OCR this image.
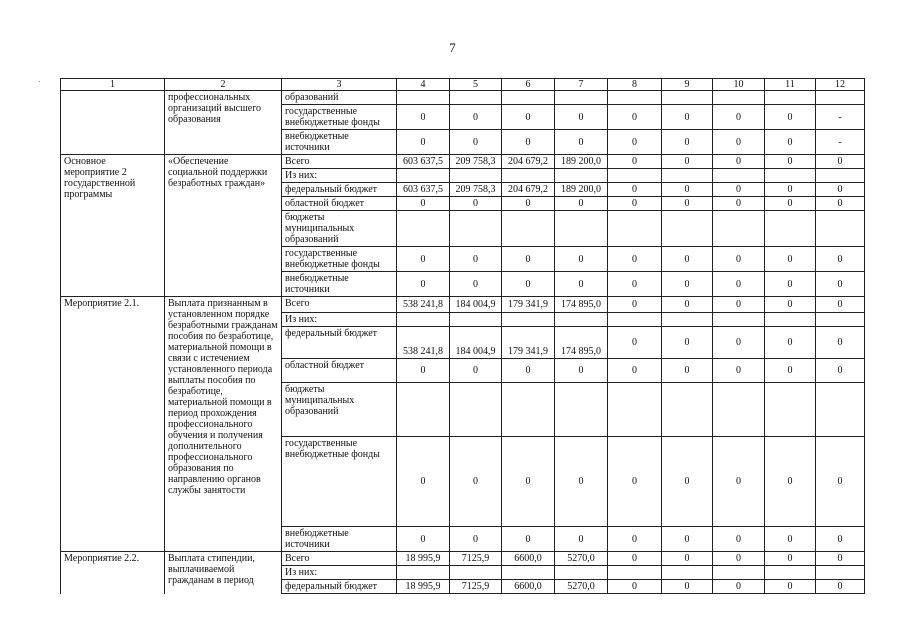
7
·	1	2	3	4	5	6	7	8	9	10	11	12
	профессиональных организаций высшего образования	образований									
		государственные внебюджетные фонды	0	0	0	0	0	0	0	0	-
		внебюджетные источники	0	0	0	0	0	0	0	0	-
Основное мероприятие 2 государственной программы	«Обеспечение социальной поддержки безработных граждан»	Всего	603 637,5	209 758,3	204 679,2	189 200,0	0	0	0	0	0
		Из них:									
		федеральный бюджет	603 637,5	209 758,3	204 679,2	189 200,0	0	0	0	0	0
		областной бюджет	0	0	0	0	0	0	0	0	0
		бюджеты муниципальных образований									
		государственные внебюджетные фонды	0	0	0	0	0	0	0	0	0
		внебюджетные источники	0	0	0	0	0	0	0	0	0
Мероприятие 2.1.	Выплата признанным в установленном порядке безработными гражданам пособия по безработице, материальной помощи в связи с истечением установленного периода выплаты пособия по безработице, материальной помощи в период прохождения профессионального обучения и получения дополнительного профессионального образования по направлению органов службы занятости	Всего	538 241,8	184 004,9	179 341,9	174 895,0	0	0	0	0	0
		Из них:									
		федеральный бюджет	538 241,8	184 004,9	179 341,9	174 895,0	0	0	0	0	0
		областной бюджет	0	0	0	0	0	0	0	0	0
		бюджеты муниципальных образований									
		государственные внебюджетные фонды	0	0	0	0	0	0	0	0	0
		внебюджетные источники	0	0	0	0	0	0	0	0	0
Мероприятие 2.2.	Выплата стипендии, выплачиваемой гражданам в период	Всего	18 995,9	7125,9	6600,0	5270,0	0	0	0	0	0
		Из них:									
		федеральный бюджет	18 995,9	7125,9	6600,0	5270,0	0	0	0	0	0
